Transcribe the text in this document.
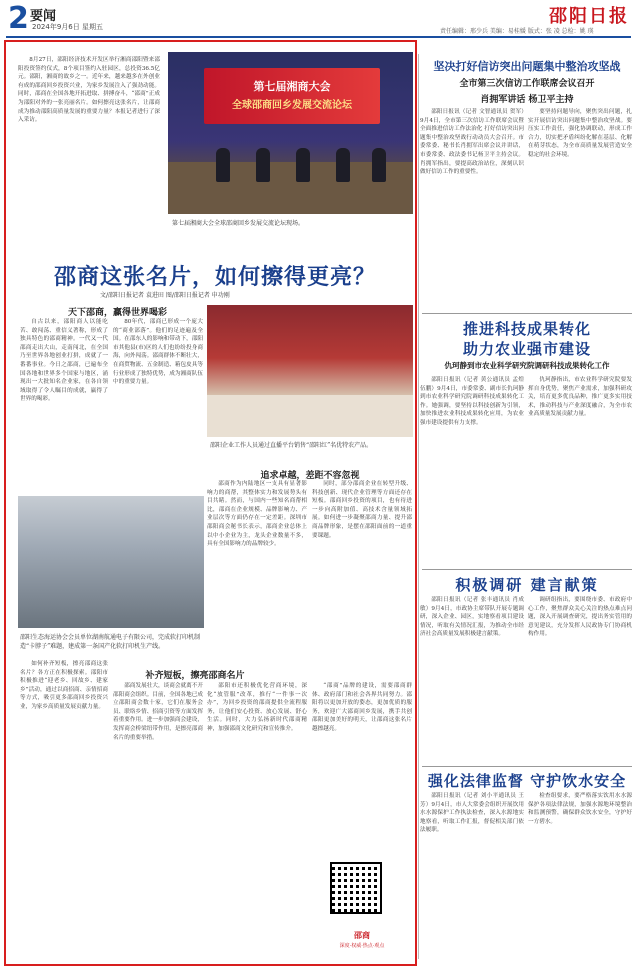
2 要闻
2024年9月6日 星期五
责任编辑：邢少兵 美编：易桂媛 版式：张 凌 总检：姚 瑛
邵阳日报

8月27日，邵阳经济技术开发区举行湘商邵阳暨来邵阳投资签约仪式，8个项目签约入驻园区，总投资36.5亿元。邵阳，湘商的故乡之一。近年来，越来越多在外创业有成的邵商回乡投资兴业，为家乡发展注入了强劲动能。同时，邵商在全国各地开拓进取、拼搏奋斗，“邵商”正成为邵阳对外的一张亮丽名片。如何擦亮这张名片，让邵商成为推动邵阳高质量发展的重要力量？本报记者进行了深入采访。

第七届湘商大会
全球邵商回乡发展交流论坛
第七届湘商大会全球邵商回乡发展交流论坛现场。
邵商这张名片，如何擦得更亮？
文/邵阳日报记者 袁进田 图/邵阳日报记者 申功刚
天下邵商，赢得世界喝彩

自古以来，邵阳商人以能吃苦、敢闯荡、重信义著称，形成了独具特色的邵商精神。一代又一代邵商走出大山，走南闯北，在全国乃至世界各地创业打拼，成就了一番番事业。今日之邵商，已遍布全国各地和世界多个国家与地区，涌现出一大批知名企业家，在各自领域取得了令人瞩目的成就，赢得了世界的喝彩。

80年代，邵商已形成一个庞大的“商业部落”。他们的足迹遍及全国。在邵东人的影响和带动下，邵阳市其他县(市)区的人们也纷纷投身商海，向外闯荡。邵商群体不断壮大，在商贸物流、五金制造、箱包皮具等行业形成了独特优势，成为湘商队伍中的重要力量。

邵阳企业工作人员通过直播平台销售“邵阳红”名优特农产品。
追求卓越，差距不容忽视

邵商作为内陆地区一支具有显著影响力的商帮，其整体实力和发展势头有目共睹。然而，与国内一些知名商帮相比，邵商在企业规模、品牌影响力、产业层次等方面仍存在一定差距。深圳市邵阳商会秘书长表示，邵商企业总体上以中小企业为主，龙头企业数量不多，具有全国影响力的品牌较少。

同时，部分邵商企业在转型升级、科技创新、现代企业管理等方面还存在短板。邵商回乡投资的项目，也有待进一步向高附加值、高技术含量领域拓展。如何进一步凝聚邵商力量、提升邵商品牌形象，是摆在邵阳面前的一道重要课题。

邵阳生态海运协会会员单位湖南航通电子有限公司，完成软打印机制造“卡脖子”难题，建成第一条国产化软打印机生产线。

如何补齐短板，擦亮邵商这张名片？各方正在积极探索。邵阳市积极推进“迎老乡、回故乡、建家乡”活动，通过以商招商、亲情招商等方式，吸引更多邵商回乡投资兴业，为家乡高质量发展贡献力量。

补齐短板，擦亮邵商名片

邵商发展壮大，谈商会就离不开邵阳商会组织。目前，全国各地已成立邵阳商会数十家，它们在服务会员、联络乡情、招商引资等方面发挥着重要作用。进一步加强商会建设，发挥商会桥梁纽带作用，是擦亮邵商名片的重要举措。

邵阳市还积极优化营商环境，深化“放管服”改革，推行“一件事一次办”，为回乡投资的邵商提供全流程服务，让他们安心投资、放心发展、舒心生活。同时，大力弘扬新时代邵商精神，加强邵商文化研究和宣传推介。

“邵商”品牌的建设，需要邵商群体、政府部门和社会各界共同努力。邵阳将以更加开放的姿态，更加优质的服务，欢迎广大邵商回乡发展，携手共创邵阳更加美好的明天，让邵商这张名片越擦越亮。

邵商
深度·权威·热点·观点
坚决打好信访突出问题集中整治攻坚战
全市第三次信访工作联席会议召开
肖拥军讲话 杨卫平主持

邵阳日报讯（记者 文智通讯员 贺军）9月4日，全市第三次信访工作联席会议暨全面推进信访工作法治化 打好信访突出问题集中整治攻坚战行动动员大会召开。市委常委、秘书长肖拥军出席会议并讲话，市委常委、政法委书记杨卫平主持会议。肖拥军指出，要提高政治站位，深刻认识做好信访工作的重要性。

要坚持问题导向，聚焦突出问题，扎实开展信访突出问题集中整治攻坚战。要压实工作责任，强化协调联动，形成工作合力，切实把矛盾纠纷化解在基层、化解在萌芽状态，为全市高质量发展营造安全稳定的社会环境。

推进科技成果转化
助力农业强市建设
仇珂静到市农业科学研究院调研科技成果转化工作

邵阳日报讯（记者 黄公通讯员 孟煌 伍鹏）9月4日，市委常委、副市长仇珂静到市农业科学研究院调研科技成果转化工作。她强调，要坚持以科技创新为引领，加快推进农业科技成果转化应用，为农业强市建设提供有力支撑。

仇珂静指出，市农业科学研究院要发挥自身优势，聚焦产业需求，加强科研攻关，培育更多优良品种，推广更多实用技术，推动科技与产业深度融合，为全市农业高质量发展贡献力量。

积极调研 建言献策

邵阳日报讯（记者 张丰通讯员 肖成敏）9月4日，市政协主席带队开展专题调研，深入企业、园区，实地察看项目建设情况，听取有关情况汇报，为推动全市经济社会高质量发展积极建言献策。

调研组指出，要围绕市委、市政府中心工作，聚焦群众关心关注的热点难点问题，深入开展调查研究，提出务实管用的意见建议，充分发挥人民政协专门协商机构作用。

强化法律监督 守护饮水安全

邵阳日报讯（记者 刘小平通讯员 王芳）9月4日，市人大常委会组织开展饮用水水源保护工作执法检查，深入水源地实地察看，听取工作汇报，督促相关部门依法履职。

检查组要求，要严格落实饮用水水源保护各项法律法规，加强水源地环境整治和监测预警，确保群众饮水安全，守护好一方碧水。
